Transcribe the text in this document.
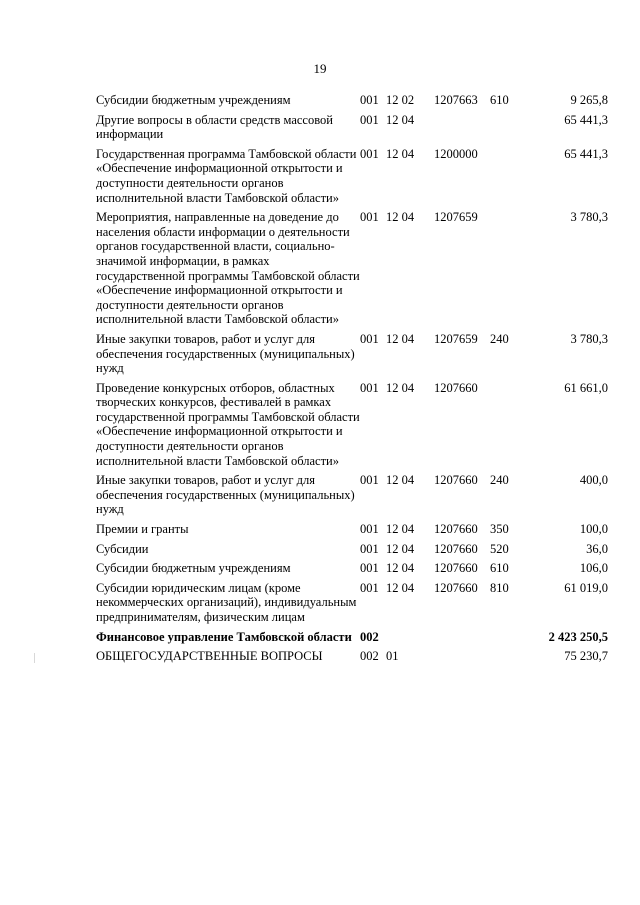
19
Субсидии бюджетным учреждениям	001	12 02	1207663	610	9 265,8
Другие вопросы в области средств массовой информации	001	12 04			65 441,3
Государственная программа Тамбовской области «Обеспечение информационной открытости и доступности деятельности органов исполнительной власти Тамбовской области»	001	12 04	1200000		65 441,3
Мероприятия, направленные на доведение до населения области информации о деятельности органов государственной власти, социально-значимой информации, в рамках государственной программы Тамбовской области «Обеспечение информационной открытости и доступности деятельности органов исполнительной власти Тамбовской области»	001	12 04	1207659		3 780,3
Иные закупки товаров, работ и услуг для обеспечения государственных (муниципальных) нужд	001	12 04	1207659	240	3 780,3
Проведение конкурсных отборов, областных творческих конкурсов, фестивалей в рамках государственной программы Тамбовской области «Обеспечение информационной открытости и доступности деятельности органов исполнительной власти Тамбовской области»	001	12 04	1207660		61 661,0
Иные закупки товаров, работ и услуг для обеспечения государственных (муниципальных) нужд	001	12 04	1207660	240	400,0
Премии и гранты	001	12 04	1207660	350	100,0
Субсидии	001	12 04	1207660	520	36,0
Субсидии бюджетным учреждениям	001	12 04	1207660	610	106,0
Субсидии юридическим лицам (кроме некоммерческих организаций), индивидуальным предпринимателям, физическим лицам	001	12 04	1207660	810	61 019,0
Финансовое управление Тамбовской области	002				2 423 250,5
ОБЩЕГОСУДАРСТВЕННЫЕ ВОПРОСЫ	002	01			75 230,7
